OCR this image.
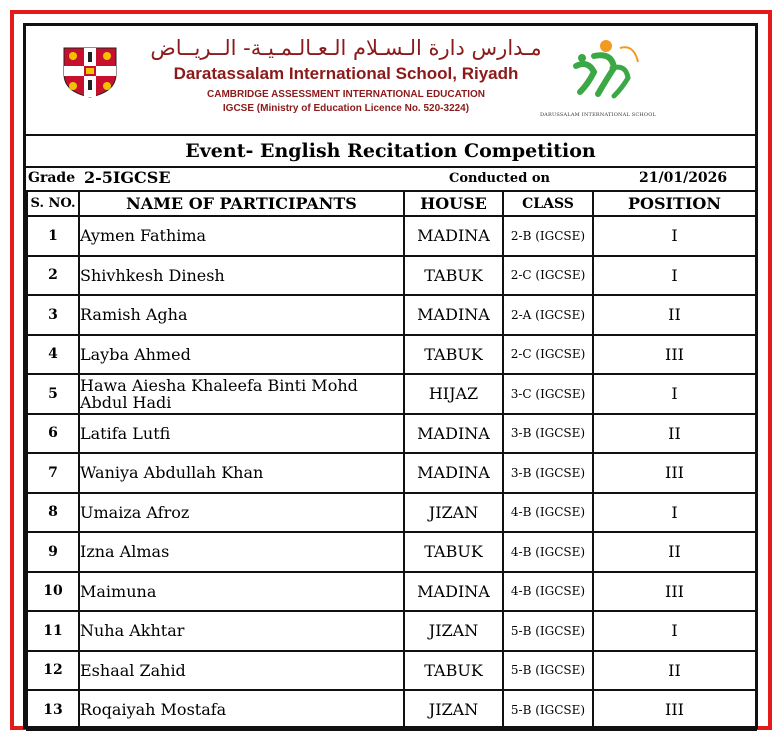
مـدارس دارة الـسـلام الـعـالـمـيـة- الــريــاض
Daratassalam International School, Riyadh
CAMBRIDGE ASSESSMENT INTERNATIONAL EDUCATION
IGCSE (Ministry of Education Licence No. 520-3224)
DARUSSALAM INTERNATIONAL SCHOOL
Event- English Recitation Competition
Grade 2-5IGCSE	Conducted on	21/01/2026
S. NO.	NAME OF PARTICIPANTS	HOUSE	CLASS	POSITION
1	Aymen Fathima	MADINA	2-B (IGCSE)	I
2	Shivhkesh Dinesh	TABUK	2-C (IGCSE)	I
3	Ramish Agha	MADINA	2-A (IGCSE)	II
4	Layba Ahmed	TABUK	2-C (IGCSE)	III
5	Hawa Aiesha Khaleefa Binti Mohd Abdul Hadi	HIJAZ	3-C (IGCSE)	I
6	Latifa Lutfi	MADINA	3-B (IGCSE)	II
7	Waniya Abdullah Khan	MADINA	3-B (IGCSE)	III
8	Umaiza Afroz	JIZAN	4-B (IGCSE)	I
9	Izna Almas	TABUK	4-B (IGCSE)	II
10	Maimuna	MADINA	4-B (IGCSE)	III
11	Nuha Akhtar	JIZAN	5-B (IGCSE)	I
12	Eshaal Zahid	TABUK	5-B (IGCSE)	II
13	Roqaiyah Mostafa	JIZAN	5-B (IGCSE)	III
